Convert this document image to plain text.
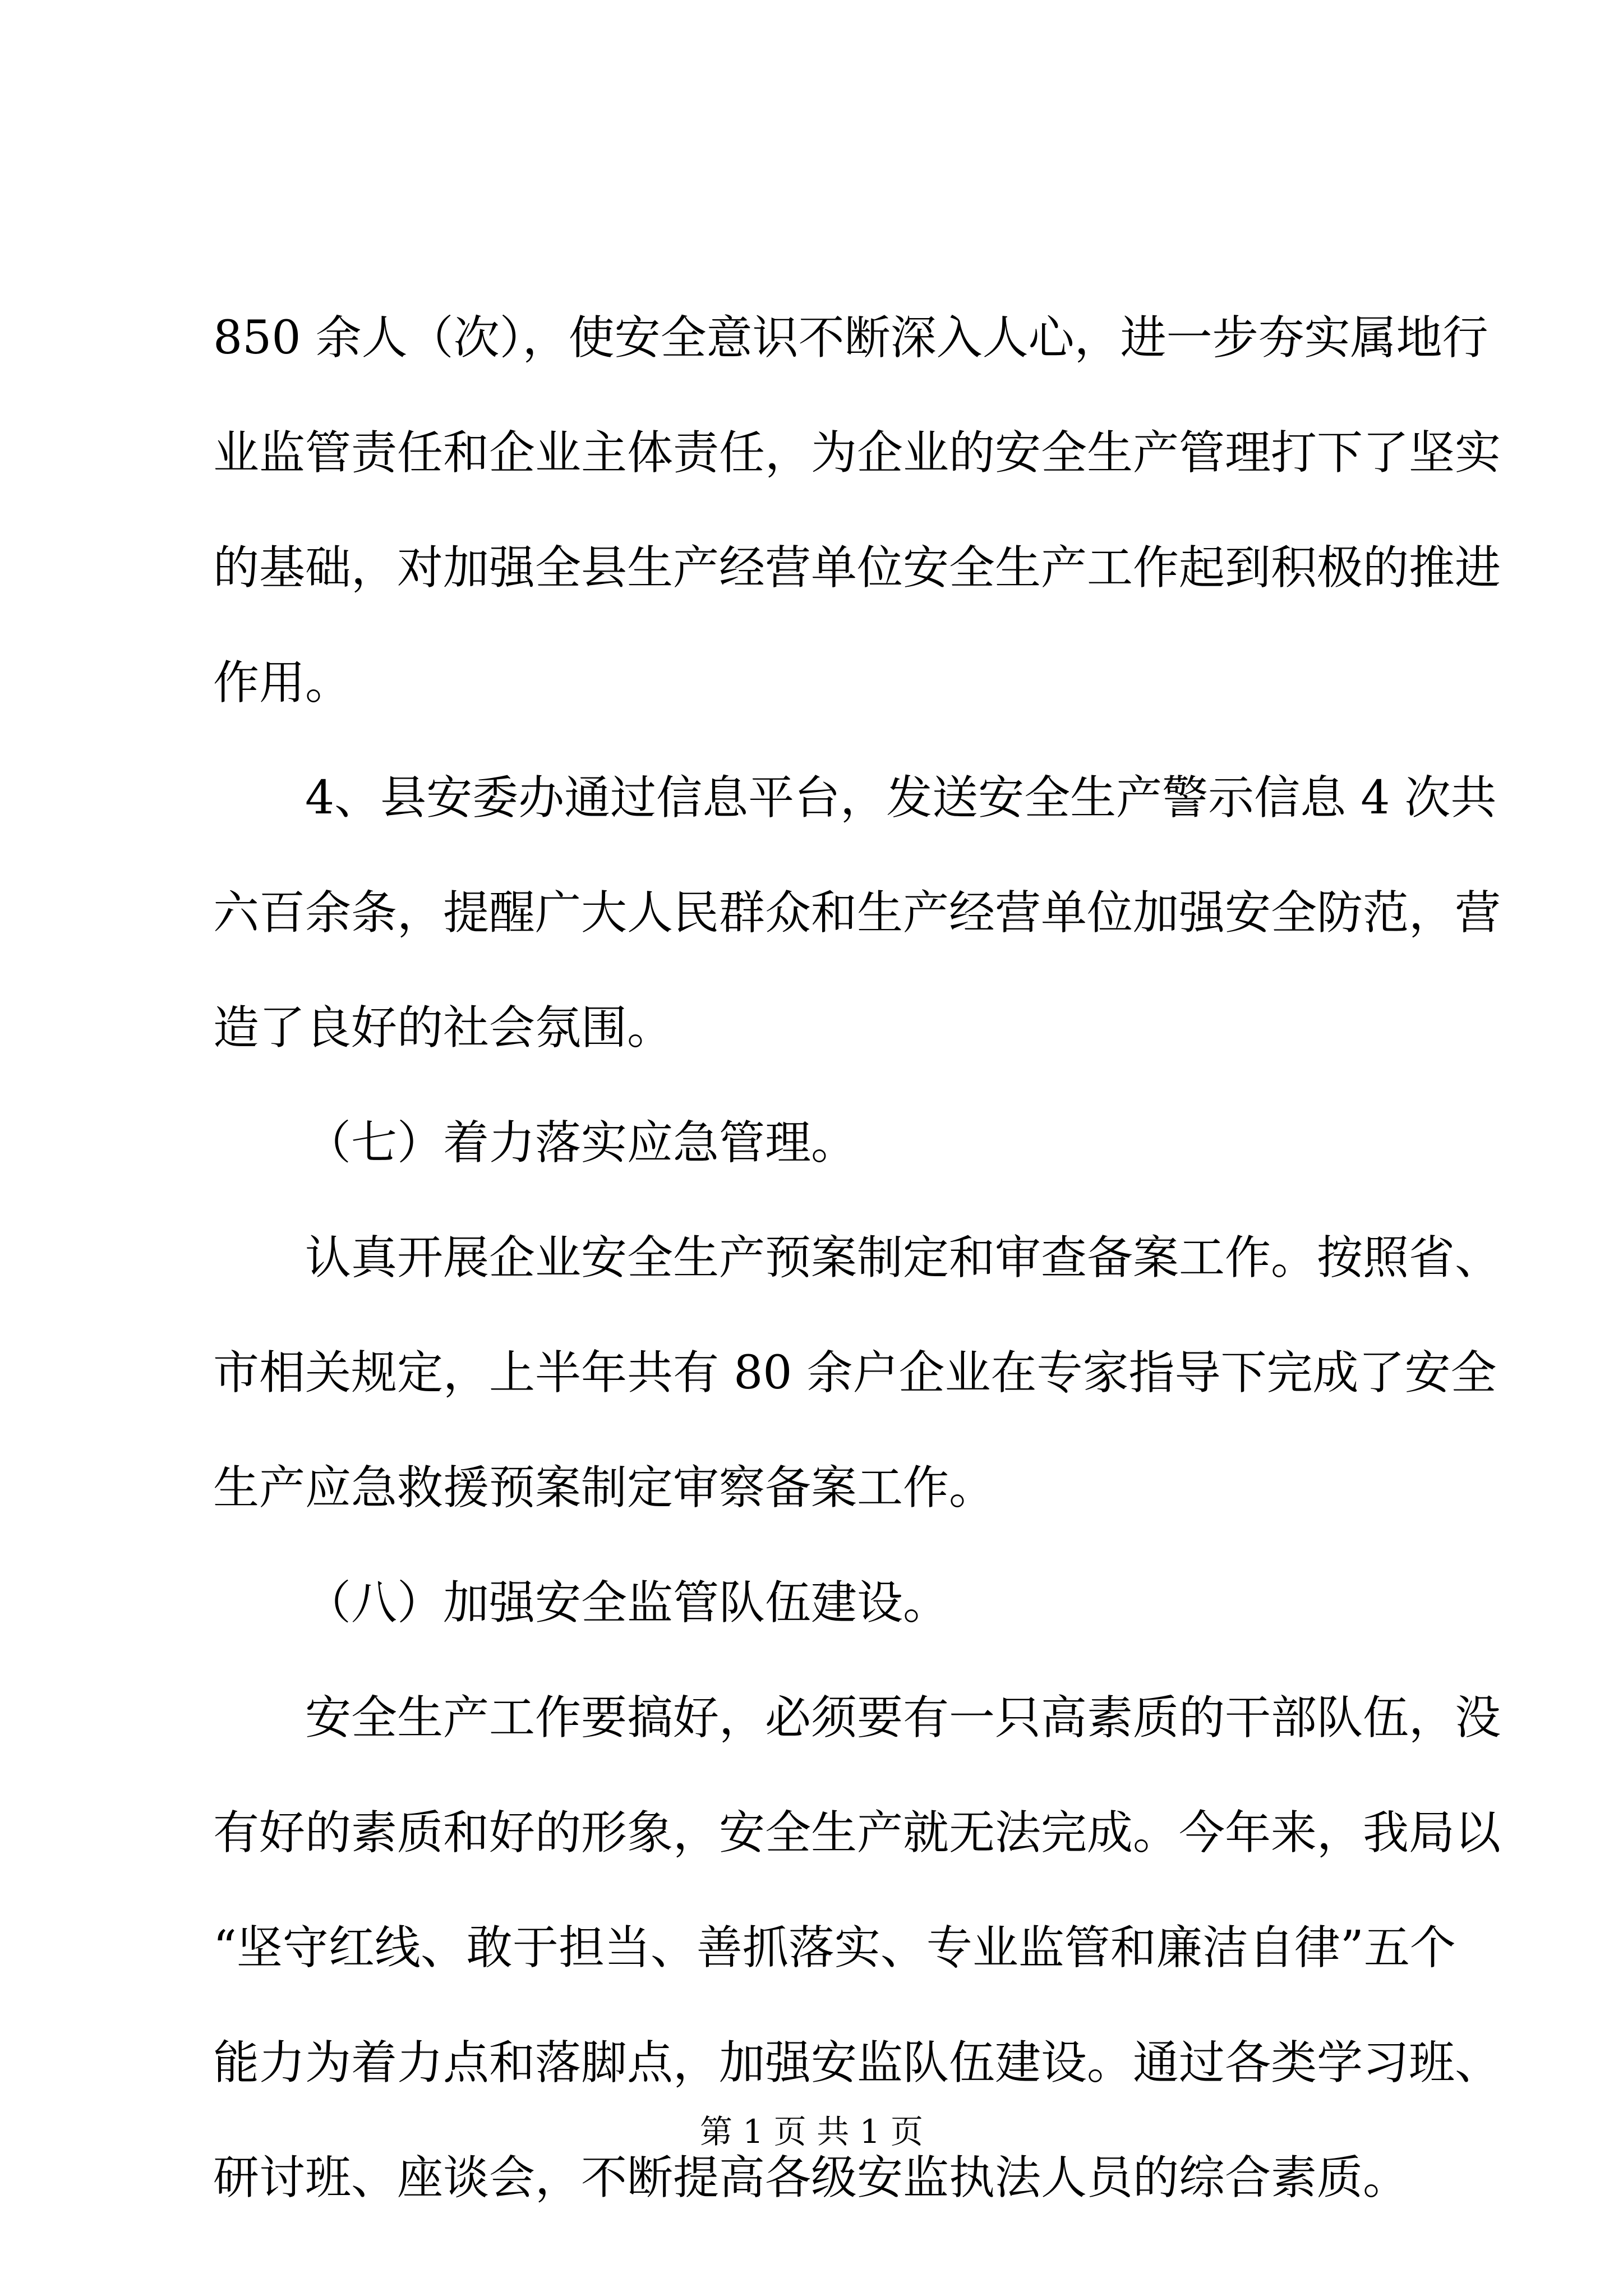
850 余人（次），使安全意识不断深入人心，进一步夯实属地行
业监管责任和企业主体责任，为企业的安全生产管理打下了坚实
的基础，对加强全县生产经营单位安全生产工作起到积极的推进
作用。
4、县安委办通过信息平台，发送安全生产警示信息 4 次共
六百余条，提醒广大人民群众和生产经营单位加强安全防范，营
造了良好的社会氛围。
（七）着力落实应急管理。
认真开展企业安全生产预案制定和审查备案工作。按照省、
市相关规定，上半年共有 80 余户企业在专家指导下完成了安全
生产应急救援预案制定审察备案工作。
（八）加强安全监管队伍建设。
安全生产工作要搞好，必须要有一只高素质的干部队伍，没
有好的素质和好的形象，安全生产就无法完成。今年来，我局以
“坚守红线、敢于担当、善抓落实、专业监管和廉洁自律”五个
能力为着力点和落脚点，加强安监队伍建设。通过各类学习班、
研讨班、座谈会，不断提高各级安监执法人员的综合素质。
第 1 页 共 1 页
